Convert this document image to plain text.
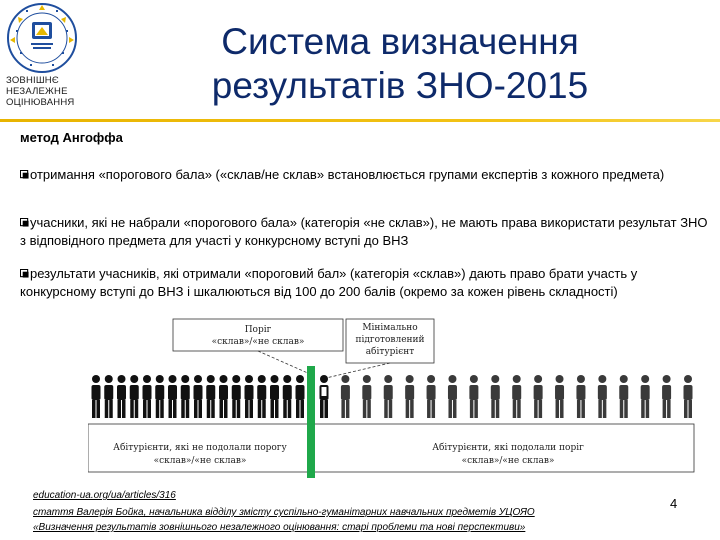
ЗОВНІШНЄ
НЕЗАЛЕЖНЕ
ОЦІНЮВАННЯ
Система визначення
результатів ЗНО-2015
метод Ангоффа
отримання «порогового бала» («склав/не склав» встановлюється групами експертів з кожного предмета)
учасники, які не набрали «порогового бала» (категорія «не склав»), не мають права використати результат ЗНО з відповідного предмета для участі у конкурсному вступі до ВНЗ
результати учасників, які отримали «пороговий бал» (категорія «склав») дають право брати участь у конкурсному вступі до ВНЗ і шкалюються від 100 до 200 балів (окремо за кожен рівень складності)
Поріг
«склав»/«не склав»
Мінімально
підготовлений
абітурієнт
Абітурієнти, які не подолали порогу
«склав»/«не склав»
Абітурієнти, які подолали поріг
«склав»/«не склав»
education-ua.org/ua/articles/316
стаття Валерія Бойка, начальника відділу змісту суспільно-гуманітарних навчальних предметів УЦОЯО
«Визначення результатів зовнішнього незалежного оцінювання: старі проблеми та нові перспективи»
4
